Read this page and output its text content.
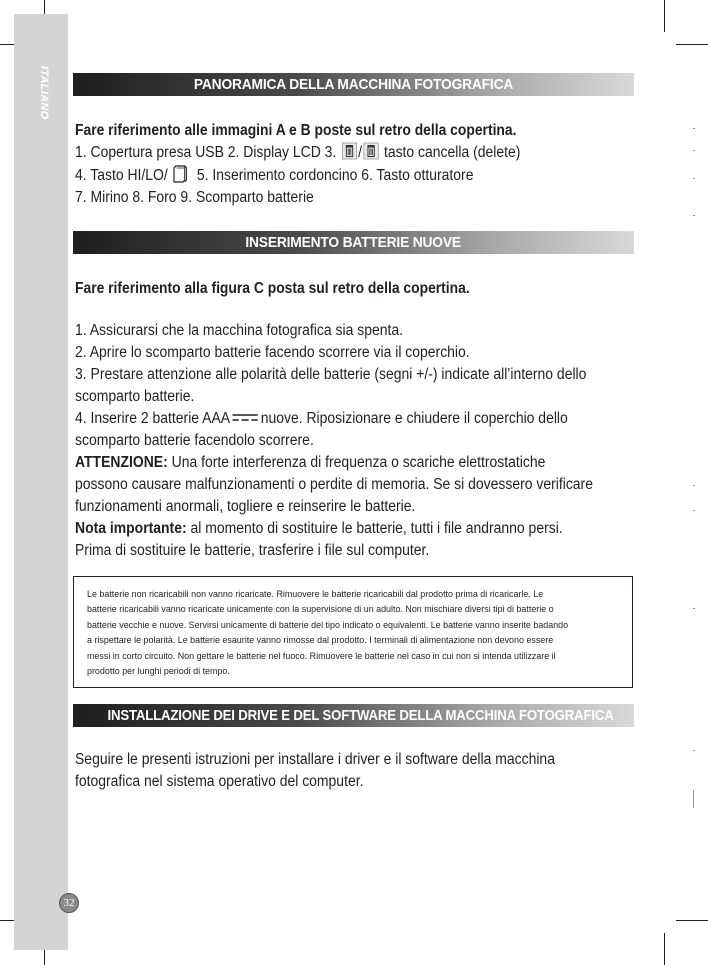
ITALIANO
32
PANORAMICA DELLA MACCHINA FOTOGRAFICA

Fare riferimento alle immagini A e B poste sul retro della copertina.

1. Copertura presa USB 2. Display LCD 3. / tasto cancella (delete)

4. Tasto HI/LO/ 5. Inserimento cordoncino 6. Tasto otturatore

7. Mirino 8. Foro 9. Scomparto batterie

INSERIMENTO BATTERIE NUOVE

Fare riferimento alla figura C posta sul retro della copertina.

1. Assicurarsi che la macchina fotografica sia spenta.

2. Aprire lo scomparto batterie facendo scorrere via il coperchio.

3. Prestare attenzione alle polarità delle batterie (segni +/-) indicate all’interno dello

scomparto batterie.

4. Inserire 2 batterie AAA nuove. Riposizionare e chiudere il coperchio dello

scomparto batterie facendolo scorrere.

ATTENZIONE: Una forte interferenza di frequenza o scariche elettrostatiche

possono causare malfunzionamenti o perdite di memoria. Se si dovessero verificare

funzionamenti anormali, togliere e reinserire le batterie.

Nota importante: al momento di sostituire le batterie, tutti i file andranno persi.

Prima di sostituire le batterie, trasferire i file sul computer.

Le batterie non ricaricabili non vanno ricaricate. Rimuovere le batterie ricaricabili dal prodotto prima di ricaricarle. Le
batterie ricaricabili vanno ricaricate unicamente con la supervisione di un adulto. Non mischiare diversi tipi di batterie o
batterie vecchie e nuove. Servirsi unicamente di batterie del tipo indicato o equivalenti. Le batterie vanno inserite badando
a rispettare le polarità. Le batterie esaurite vanno rimosse dal prodotto. I terminali di alimentazione non devono essere
messi in corto circuito. Non gettare le batterie nel fuoco. Rimuovere le batterie nel caso in cui non si intenda utilizzare il
prodotto per lunghi periodi di tempo.
INSTALLAZIONE DEI DRIVE E DEL SOFTWARE DELLA MACCHINA FOTOGRAFICA

Seguire le presenti istruzioni per installare i driver e il software della macchina

fotografica nel sistema operativo del computer.
